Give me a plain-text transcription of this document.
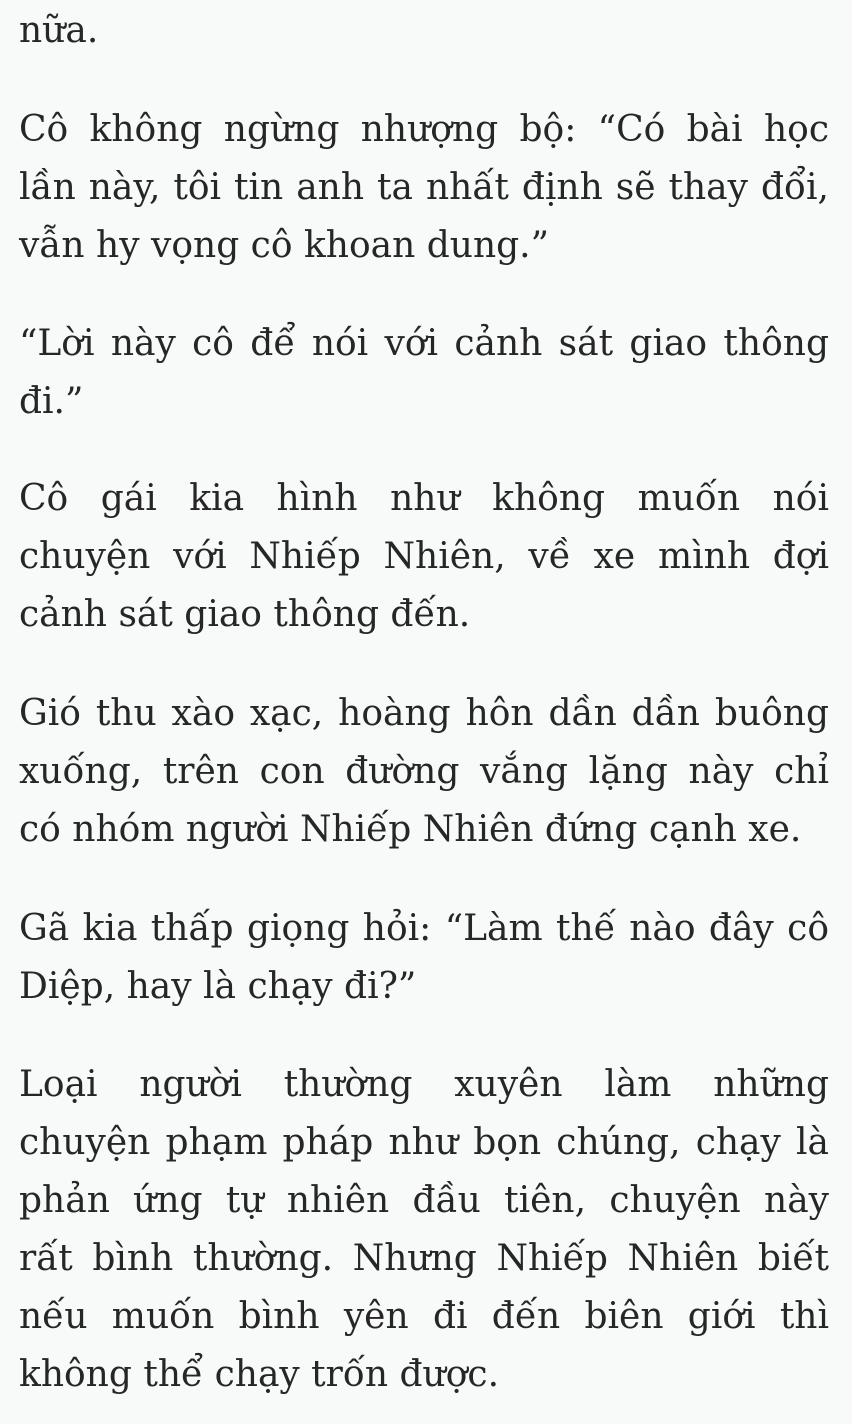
nữa.
Cô không ngừng nhượng bộ: “Có bài học
lần này, tôi tin anh ta nhất định sẽ thay đổi,
vẫn hy vọng cô khoan dung.”
“Lời này cô để nói với cảnh sát giao thông
đi.”
Cô gái kia hình như không muốn nói
chuyện với Nhiếp Nhiên, về xe mình đợi
cảnh sát giao thông đến.
Gió thu xào xạc, hoàng hôn dần dần buông
xuống, trên con đường vắng lặng này chỉ
có nhóm người Nhiếp Nhiên đứng cạnh xe.
Gã kia thấp giọng hỏi: “Làm thế nào đây cô
Diệp, hay là chạy đi?”
Loại người thường xuyên làm những
chuyện phạm pháp như bọn chúng, chạy là
phản ứng tự nhiên đầu tiên, chuyện này
rất bình thường. Nhưng Nhiếp Nhiên biết
nếu muốn bình yên đi đến biên giới thì
không thể chạy trốn được.
